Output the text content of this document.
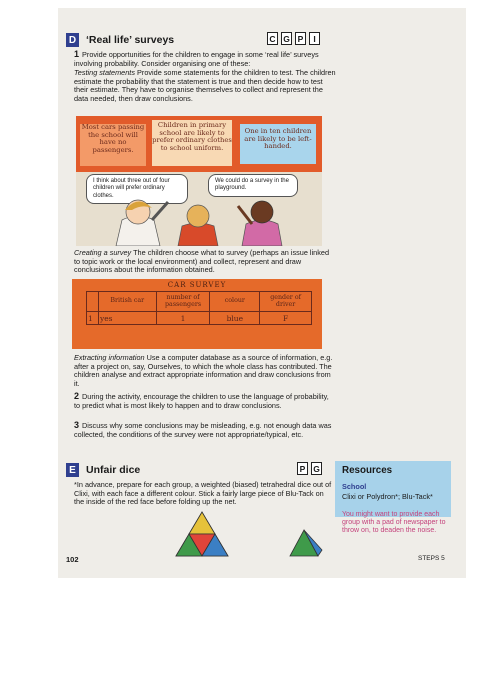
D ‘Real life’ surveys	C G P	I
1 Provide opportunities for the children to engage in some ‘real life’ surveys involving probability. Consider organising one of these:
Testing statements Provide some statements for the children to test. The children estimate the probability that the statement is true and then decide how to test their estimate. They have to organise themselves to collect and represent the data needed, then draw conclusions.
Most cars passing the school will have no passengers.
Children in primary school are likely to prefer ordinary clothes to school uniform.
One in ten children are likely to be left-handed.
I think about three out of four children will prefer ordinary clothes.
We could do a survey in the playground.
Creating a survey The children choose what to survey (perhaps an issue linked to topic work or the local environment) and collect, represent and draw conclusions about the information obtained.
CAR SURVEY
	British car	number of passengers	colour	gender of driver
1	yes	1	blue	F
Extracting information Use a computer database as a source of information, e.g. after a project on, say, Ourselves, to which the whole class has contributed. The children analyse and extract appropriate information and draw conclusions from it.
2 During the activity, encourage the children to use the language of probability, to predict what is most likely to happen and to draw conclusions.
3 Discuss why some conclusions may be misleading, e.g. not enough data was collected, the conditions of the survey were not appropriate/typical, etc.
E Unfair dice	P G
*In advance, prepare for each group, a weighted (biased) tetrahedral dice out of Clixi, with each face a different colour. Stick a fairly large piece of Blu-Tack on the inside of the red face before folding up the net.
Resources
School
Clixi or Polydron*; Blu-Tack*
You might want to provide each group with a pad of newspaper to throw on, to deaden the noise.
102	STEPS 5
